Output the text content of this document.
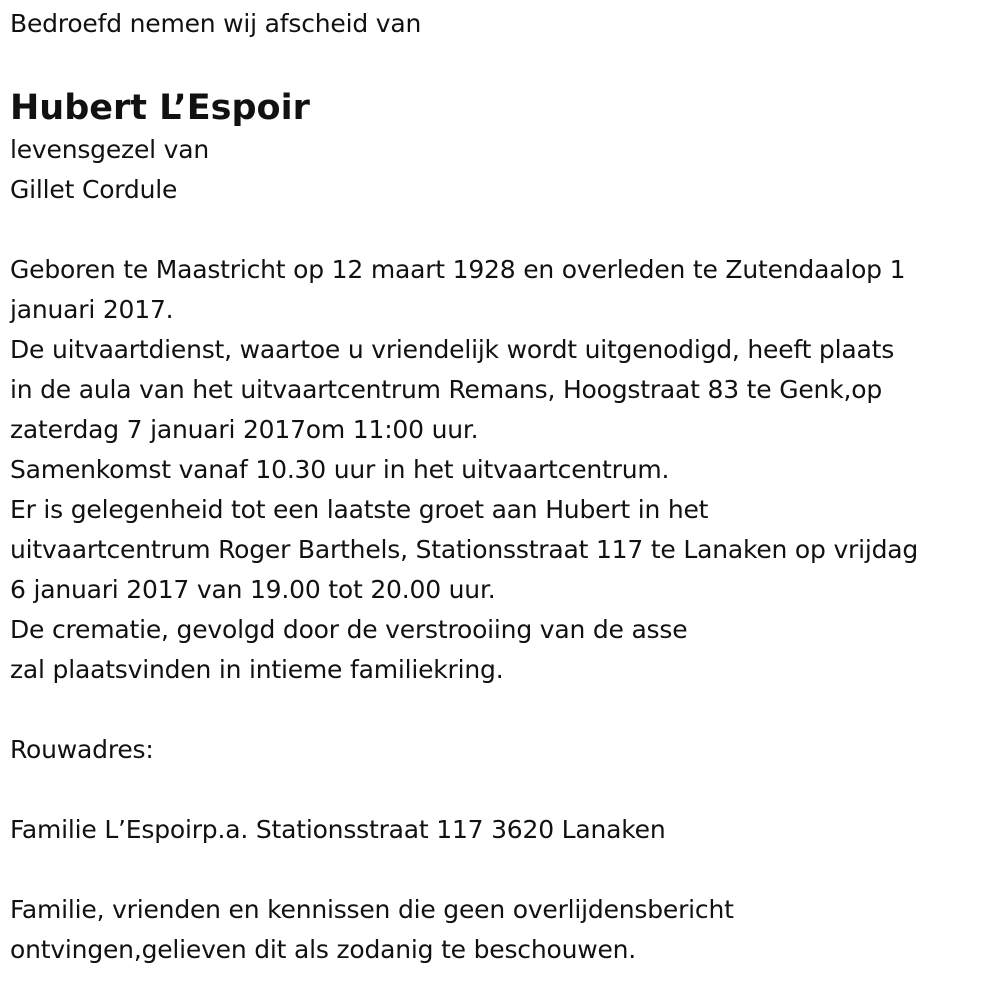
Bedroefd nemen wij afscheid van
Hubert L’Espoir
levensgezel van
Gillet Cordule
Geboren te Maastricht op 12 maart 1928 en overleden te Zutendaalop 1
januari 2017.
De uitvaartdienst, waartoe u vriendelijk wordt uitgenodigd, heeft plaats
in de aula van het uitvaartcentrum Remans, Hoogstraat 83 te Genk,op
zaterdag 7 januari 2017om 11:00 uur.
Samenkomst vanaf 10.30 uur in het uitvaartcentrum.
Er is gelegenheid tot een laatste groet aan Hubert in het
uitvaartcentrum Roger Barthels, Stationsstraat 117 te Lanaken op vrijdag
6 januari 2017 van 19.00 tot 20.00 uur.
De crematie, gevolgd door de verstrooiing van de asse
zal plaatsvinden in intieme familiekring.
Rouwadres:
Familie L’Espoirp.a. Stationsstraat 117 3620 Lanaken
Familie, vrienden en kennissen die geen overlijdensbericht
ontvingen,gelieven dit als zodanig te beschouwen.
